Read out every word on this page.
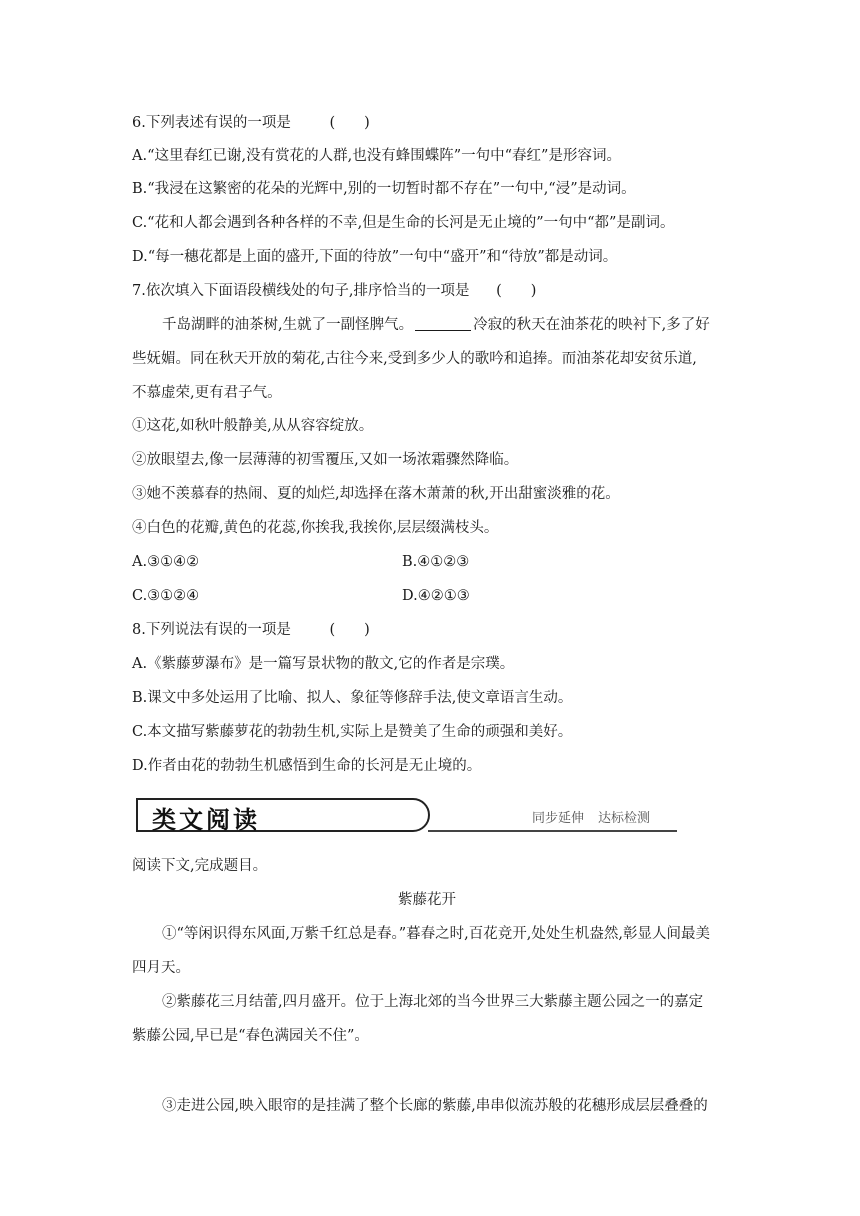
6.下列表述有误的一项是	(　　)
A.“这里春红已谢,没有赏花的人群,也没有蜂围蝶阵”一句中“春红”是形容词。
B.“我浸在这繁密的花朵的光辉中,别的一切暂时都不存在”一句中,“浸”是动词。
C.“花和人都会遇到各种各样的不幸,但是生命的长河是无止境的”一句中“都”是副词。
D.“每一穗花都是上面的盛开,下面的待放”一句中“盛开”和“待放”都是动词。
7.依次填入下面语段横线处的句子,排序恰当的一项是 (　　)
千岛湖畔的油茶树,生就了一副怪脾气。	冷寂的秋天在油茶花的映衬下,多了好
些妩媚。同在秋天开放的菊花,古往今来,受到多少人的歌吟和追捧。而油茶花却安贫乐道,
不慕虚荣,更有君子气。
①这花,如秋叶般静美,从从容容绽放。
②放眼望去,像一层薄薄的初雪覆压,又如一场浓霜骤然降临。
③她不羡慕春的热闹、夏的灿烂,却选择在落木萧萧的秋,开出甜蜜淡雅的花。
④白色的花瓣,黄色的花蕊,你挨我,我挨你,层层缀满枝头。
A.③①④②	B.④①②③
C.③①②④	D.④②①③
8.下列说法有误的一项是	(　　)
A.《紫藤萝瀑布》是一篇写景状物的散文,它的作者是宗璞。
B.课文中多处运用了比喻、拟人、象征等修辞手法,使文章语言生动。
C.本文描写紫藤萝花的勃勃生机,实际上是赞美了生命的顽强和美好。
D.作者由花的勃勃生机感悟到生命的长河是无止境的。
类文阅读	同步延伸 达标检测
阅读下文,完成题目。
紫藤花开
①“等闲识得东风面,万紫千红总是春。”暮春之时,百花竞开,处处生机盎然,彰显人间最美
四月天。
②紫藤花三月结蕾,四月盛开。位于上海北郊的当今世界三大紫藤主题公园之一的嘉定
紫藤公园,早已是“春色满园关不住”。
③走进公园,映入眼帘的是挂满了整个长廊的紫藤,串串似流苏般的花穗形成层层叠叠的
